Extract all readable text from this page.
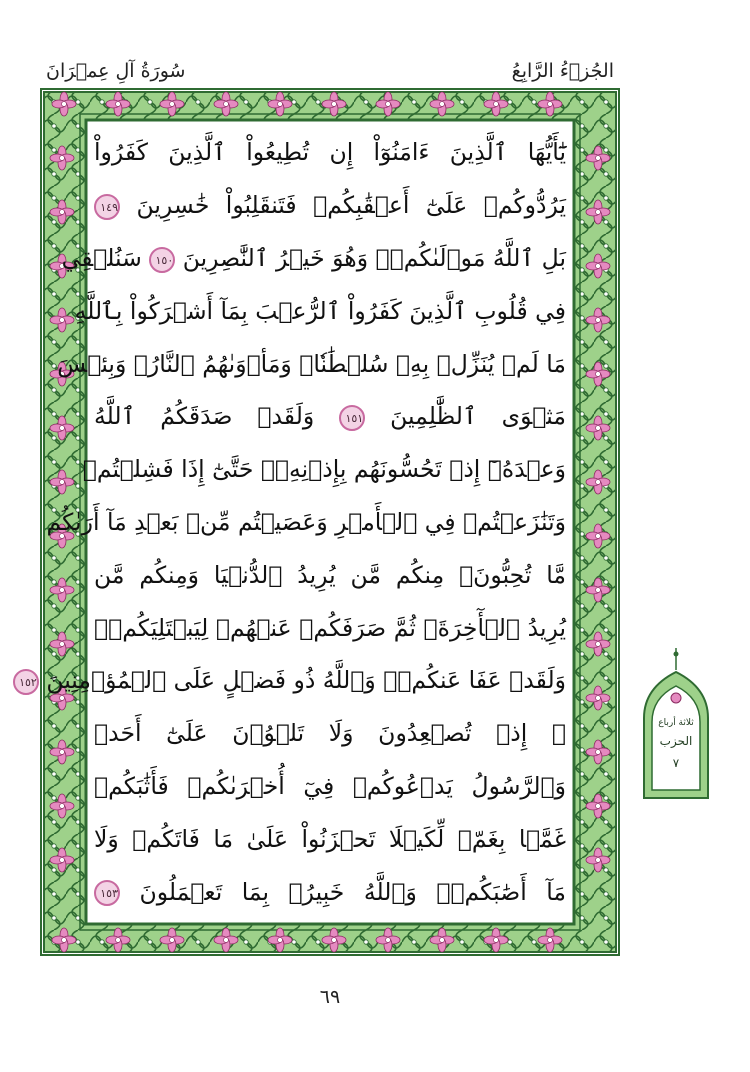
سُورَةُ آلِ عِمۡرَانَ	الجُزۡءُ الرَّابِعُ
يَٰٓأَيُّهَا ٱلَّذِينَ ءَامَنُوٓاْ إِن تُطِيعُواْ ٱلَّذِينَ كَفَرُواْ
يَرُدُّوكُمۡ عَلَىٰٓ أَعۡقَٰبِكُمۡ فَتَنقَلِبُواْ خَٰسِرِينَ ١٤٩
بَلِ ٱللَّهُ مَوۡلَىٰكُمۡۖ وَهُوَ خَيۡرُ ٱلنَّٰصِرِينَ ١٥٠ سَنُلۡقِي
فِي قُلُوبِ ٱلَّذِينَ كَفَرُواْ ٱلرُّعۡبَ بِمَآ أَشۡرَكُواْ بِٱللَّهِ
مَا لَمۡ يُنَزِّلۡ بِهِۦ سُلۡطَٰنٗاۖ وَمَأۡوَىٰهُمُ ٱلنَّارُۖ وَبِئۡسَ
مَثۡوَى ٱلظَّٰلِمِينَ ١٥١ وَلَقَدۡ صَدَقَكُمُ ٱللَّهُ
وَعۡدَهُۥٓ إِذۡ تَحُسُّونَهُم بِإِذۡنِهِۦۖ حَتَّىٰٓ إِذَا فَشِلۡتُمۡ
وَتَنَٰزَعۡتُمۡ فِي ٱلۡأَمۡرِ وَعَصَيۡتُم مِّنۢ بَعۡدِ مَآ أَرَىٰكُم
مَّا تُحِبُّونَۚ مِنكُم مَّن يُرِيدُ ٱلدُّنۡيَا وَمِنكُم مَّن
يُرِيدُ ٱلۡأٓخِرَةَۚ ثُمَّ صَرَفَكُمۡ عَنۡهُمۡ لِيَبۡتَلِيَكُمۡۖ
وَلَقَدۡ عَفَا عَنكُمۡۗ وَٱللَّهُ ذُو فَضۡلٍ عَلَى ٱلۡمُؤۡمِنِينَ ١٥٢
۞ إِذۡ تُصۡعِدُونَ وَلَا تَلۡوُۥنَ عَلَىٰٓ أَحَدٖ
وَٱلرَّسُولُ يَدۡعُوكُمۡ فِيٓ أُخۡرَىٰكُمۡ فَأَثَٰبَكُمۡ
غَمَّۢا بِغَمّٖ لِّكَيۡلَا تَحۡزَنُواْ عَلَىٰ مَا فَاتَكُمۡ وَلَا
مَآ أَصَٰبَكُمۡۗ وَٱللَّهُ خَبِيرُۢ بِمَا تَعۡمَلُونَ ١٥٣
ثلاثة أرباع
الحزب
٧
٦٩
